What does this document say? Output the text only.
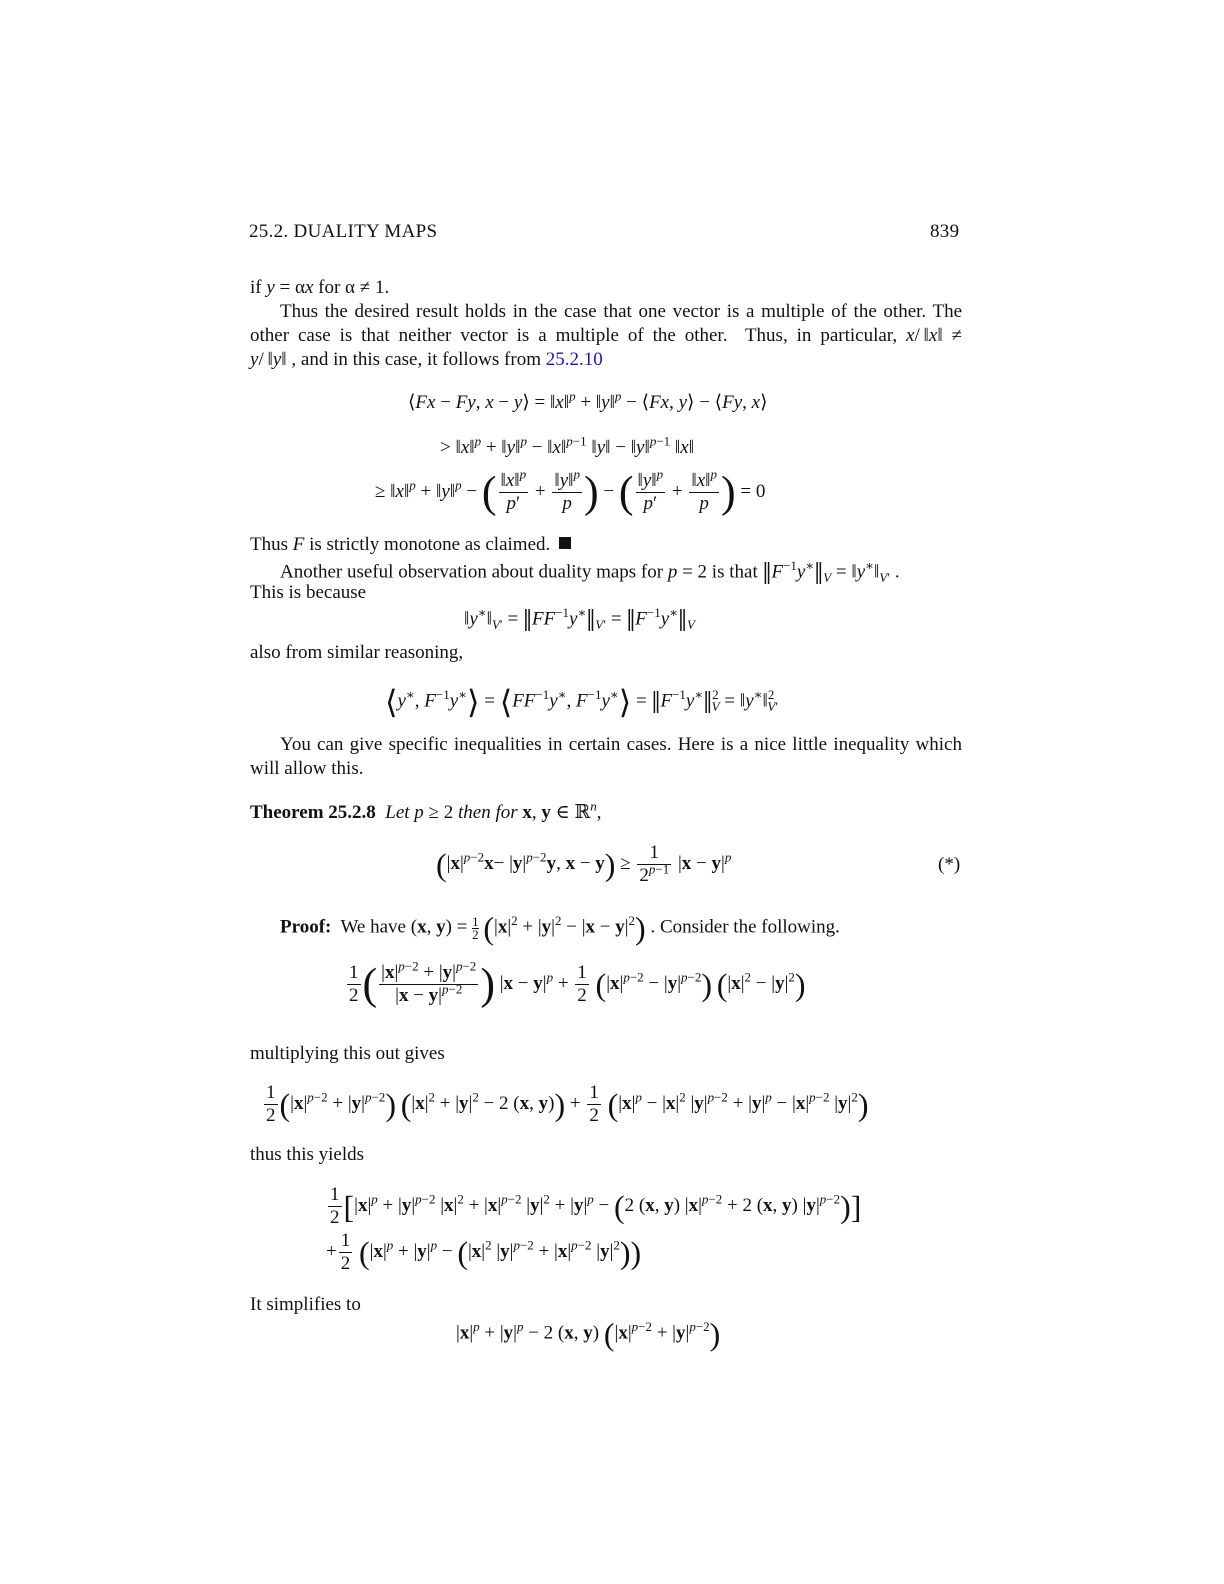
25.2. DUALITY MAPS	839
if y = αx for α ≠ 1.
Thus the desired result holds in the case that one vector is a multiple of the other. The
other case is that neither vector is a multiple of the other.  Thus, in particular, x/ ‖x‖ ≠
y/ ‖y‖ , and in this case, it follows from 25.2.10
⟨Fx − Fy, x − y⟩ = ‖x‖$^p$ + ‖y‖$^p$ − ⟨Fx, y⟩ − ⟨Fy, x⟩
> ‖x‖$^p$ + ‖y‖$^p$ − ‖x‖$^{p-1}$ ‖y‖ − ‖y‖$^{p-1}$ ‖x‖
≥ ‖x‖$^p$ + ‖y‖$^p$ − ( $\frac{‖x‖^p}{p'} + \frac{‖y‖^p}{p}$ ) − ( $\frac{‖y‖^p}{p'} + \frac{‖x‖^p}{p}$ ) = 0
Thus F is strictly monotone as claimed.
Another useful observation about duality maps for p = 2 is that $‖F^{-1}y^∗‖_V$ = $‖y^∗‖_{V'}$ .
This is because
$‖y^∗‖_{V'}$ = $‖FF^{-1}y^∗‖_{V'}$ = $‖F^{-1}y^∗‖_V$
also from similar reasoning,
⟨y∗, $F^{-1}y^∗⟩$ = $⟨FF^{-1}y^∗$, $F^{-1}y^∗⟩$ = $‖F^{-1}y^∗‖^2_V$ = ‖y∗‖$^2_{V'}$
You can give specific inequalities in certain cases. Here is a nice little inequality which
will allow this.
Theorem 25.2.8 Let p ≥ 2 then for x, y ∈ ℝ$^n$,
($|x|^{p-2}x- |y|^{p-2}y$, $x - y) \ge \frac{1}{2^{p-1}} |x - y|^p$	(*)
Proof:  We have (x, $y) = \frac{1}{2} (|x|^2 + |y|^2 - |x - y|^2)$ . Consider the following.
$\frac{1}{2}$ ( $\frac{|x|^{p-2} + |y|^{p-2}}{|x - y|^{p-2}}$ ) $|x - y|^p + \frac{1}{2} (|x|^{p-2} - |y|^{p-2}) (|x|^2 - |y|^2)$
multiplying this out gives
$\frac{1}{2} (|x|^{p-2} + |y|^{p-2}) (|x|^2 + |y|^2 - 2$ (x, $y)) + \frac{1}{2} (|x|^p - |x|^2$ $|y|^{p-2} + |y|^p - |x|^{p-2}$ $|y|^2$)
thus this yields
$\frac{1}{2} [|x|^p + |y|^{p-2}$ $|x|^2 + |x|^{p-2}$ $|y|^2 + |y|^p - (2$ (x, y) $|x|^{p-2} + 2$ (x, y) $|y|^{p-2}$)]
+ $\frac{1}{2} (|x|^p + |y|^p - (|x|^2$ $|y|^{p-2} + |x|^{p-2}$ $|y|^2$))
It simplifies to
$|x|^p + |y|^p - 2$ (x, y) $(|x|^{p-2} + |y|^{p-2})$
